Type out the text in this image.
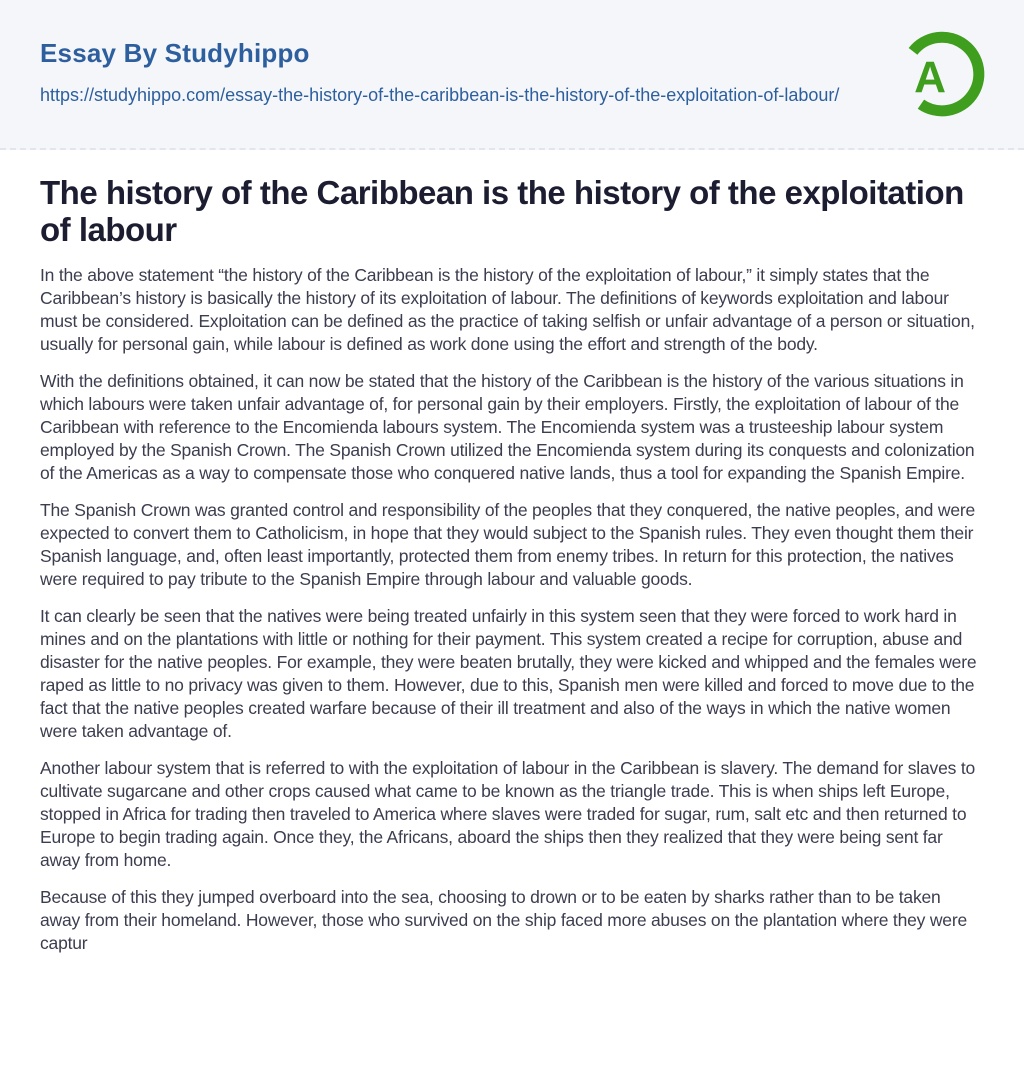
Essay By Studyhippo
https://studyhippo.com/essay-the-history-of-the-caribbean-is-the-history-of-the-exploitation-of-labour/ A
The history of the Caribbean is the history of the exploitation of labour

In the above statement “the history of the Caribbean is the history of the exploitation of labour,” it simply states that the Caribbean’s history is basically the history of its exploitation of labour. The definitions of keywords exploitation and labour must be considered. Exploitation can be defined as the practice of taking selfish or unfair advantage of a person or situation, usually for personal gain, while labour is defined as work done using the effort and strength of the body.

With the definitions obtained, it can now be stated that the history of the Caribbean is the history of the various situations in which labours were taken unfair advantage of, for personal gain by their employers. Firstly, the exploitation of labour of the Caribbean with reference to the Encomienda labours system. The Encomienda system was a trusteeship labour system employed by the Spanish Crown. The Spanish Crown utilized the Encomienda system during its conquests and colonization of the Americas as a way to compensate those who conquered native lands, thus a tool for expanding the Spanish Empire.

The Spanish Crown was granted control and responsibility of the peoples that they conquered, the native peoples, and were expected to convert them to Catholicism, in hope that they would subject to the Spanish rules. They even thought them their Spanish language, and, often least importantly, protected them from enemy tribes. In return for this protection, the natives were required to pay tribute to the Spanish Empire through labour and valuable goods.

It can clearly be seen that the natives were being treated unfairly in this system seen that they were forced to work hard in mines and on the plantations with little or nothing for their payment. This system created a recipe for corruption, abuse and disaster for the native peoples. For example, they were beaten brutally, they were kicked and whipped and the females were raped as little to no privacy was given to them. However, due to this, Spanish men were killed and forced to move due to the fact that the native peoples created warfare because of their ill treatment and also of the ways in which the native women were taken advantage of.

Another labour system that is referred to with the exploitation of labour in the Caribbean is slavery. The demand for slaves to cultivate sugarcane and other crops caused what came to be known as the triangle trade. This is when ships left Europe, stopped in Africa for trading then traveled to America where slaves were traded for sugar, rum, salt etc and then returned to Europe to begin trading again. Once they, the Africans, aboard the ships then they realized that they were being sent far away from home.

Because of this they jumped overboard into the sea, choosing to drown or to be eaten by sharks rather than to be taken away from their homeland. However, those who survived on the ship faced more abuses on the plantation where they were captur
